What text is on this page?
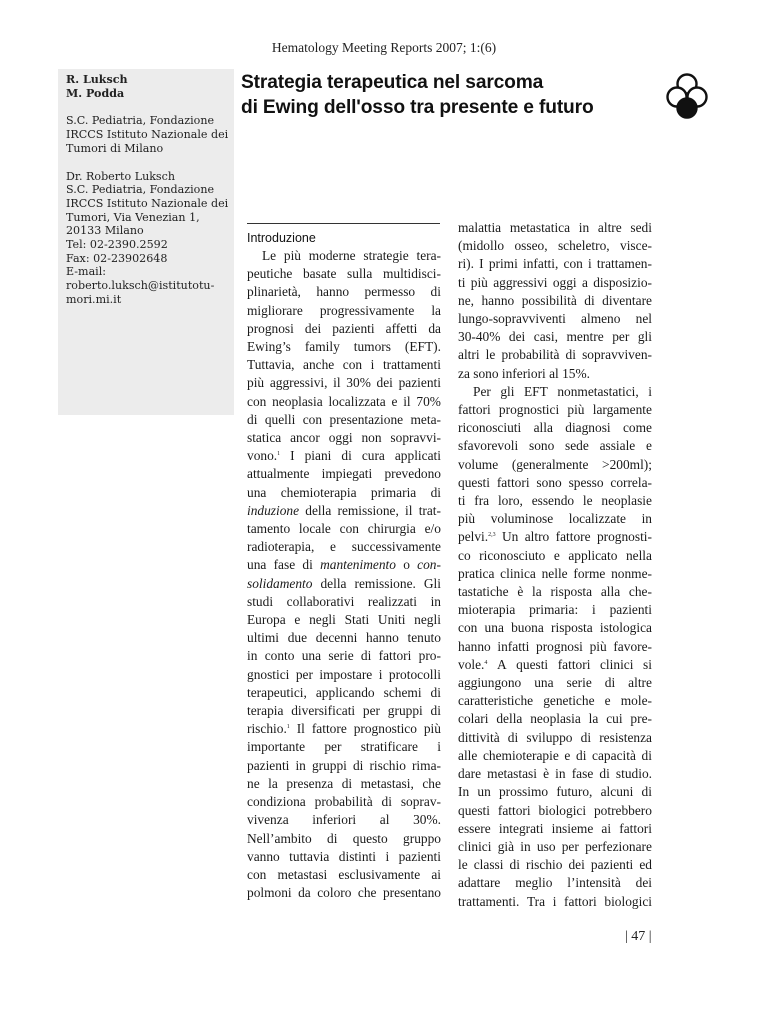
Hematology Meeting Reports 2007; 1:(6)

R. Luksch

M. Podda

S.C. Pediatria, Fondazione

IRCCS Istituto Nazionale dei

Tumori di Milano

Dr. Roberto Luksch

S.C. Pediatria, Fondazione

IRCCS Istituto Nazionale dei

Tumori, Via Venezian 1,

20133 Milano

Tel: 02-2390.2592

Fax: 02-23902648

E-mail:

roberto.luksch@istitutotu-

mori.mi.it

Strategia terapeutica nel sarcoma
di Ewing dell'osso tra presente e futuro
Introduzione
Le più moderne strategie tera-
peutiche basate sulla multidisci-
plinarietà, hanno permesso di
migliorare progressivamente la
prognosi dei pazienti affetti da
Ewing’s family tumors (EFT).
Tuttavia, anche con i trattamenti
più aggressivi, il 30% dei pazienti
con neoplasia localizzata e il 70%
di quelli con presentazione meta-
statica ancor oggi non sopravvi-
vono.$^1$ I piani di cura applicati
attualmente impiegati prevedono
una chemioterapia primaria di
induzione della remissione, il trat-
tamento locale con chirurgia e/o
radioterapia, e successivamente
una fase di mantenimento o con-
solidamento della remissione. Gli
studi collaborativi realizzati in
Europa e negli Stati Uniti negli
ultimi due decenni hanno tenuto
in conto una serie di fattori pro-
gnostici per impostare i protocolli
terapeutici, applicando schemi di
terapia diversificati per gruppi di
rischio.$^1$ Il fattore prognostico più
importante per stratificare i
pazienti in gruppi di rischio rima-
ne la presenza di metastasi, che
condiziona probabilità di soprav-
vivenza inferiori al 30%.
Nell’ambito di questo gruppo
vanno tuttavia distinti i pazienti
con metastasi esclusivamente ai
polmoni da coloro che presentano
malattia metastatica in altre sedi
(midollo osseo, scheletro, visce-
ri). I primi infatti, con i trattamen-
ti più aggressivi oggi a disposizio-
ne, hanno possibilità di diventare
lungo-sopravviventi almeno nel
30-40% dei casi, mentre per gli
altri le probabilità di sopravviven-
za sono inferiori al 15%.
Per gli EFT nonmetastatici, i
fattori prognostici più largamente
riconosciuti alla diagnosi come
sfavorevoli sono sede assiale e
volume (generalmente >200ml);
questi fattori sono spesso correla-
ti fra loro, essendo le neoplasie
più voluminose localizzate in
pelvi.$^{2,3}$ Un altro fattore prognosti-
co riconosciuto e applicato nella
pratica clinica nelle forme nonme-
tastatiche è la risposta alla che-
mioterapia primaria: i pazienti
con una buona risposta istologica
hanno infatti prognosi più favore-
vole.$^4$ A questi fattori clinici si
aggiungono una serie di altre
caratteristiche genetiche e mole-
colari della neoplasia la cui pre-
dittività di sviluppo di resistenza
alle chemioterapie e di capacità di
dare metastasi è in fase di studio.
In un prossimo futuro, alcuni di
questi fattori biologici potrebbero
essere integrati insieme ai fattori
clinici già in uso per perfezionare
le classi di rischio dei pazienti ed
adattare meglio l’intensità dei
trattamenti. Tra i fattori biologici
| 47 |
